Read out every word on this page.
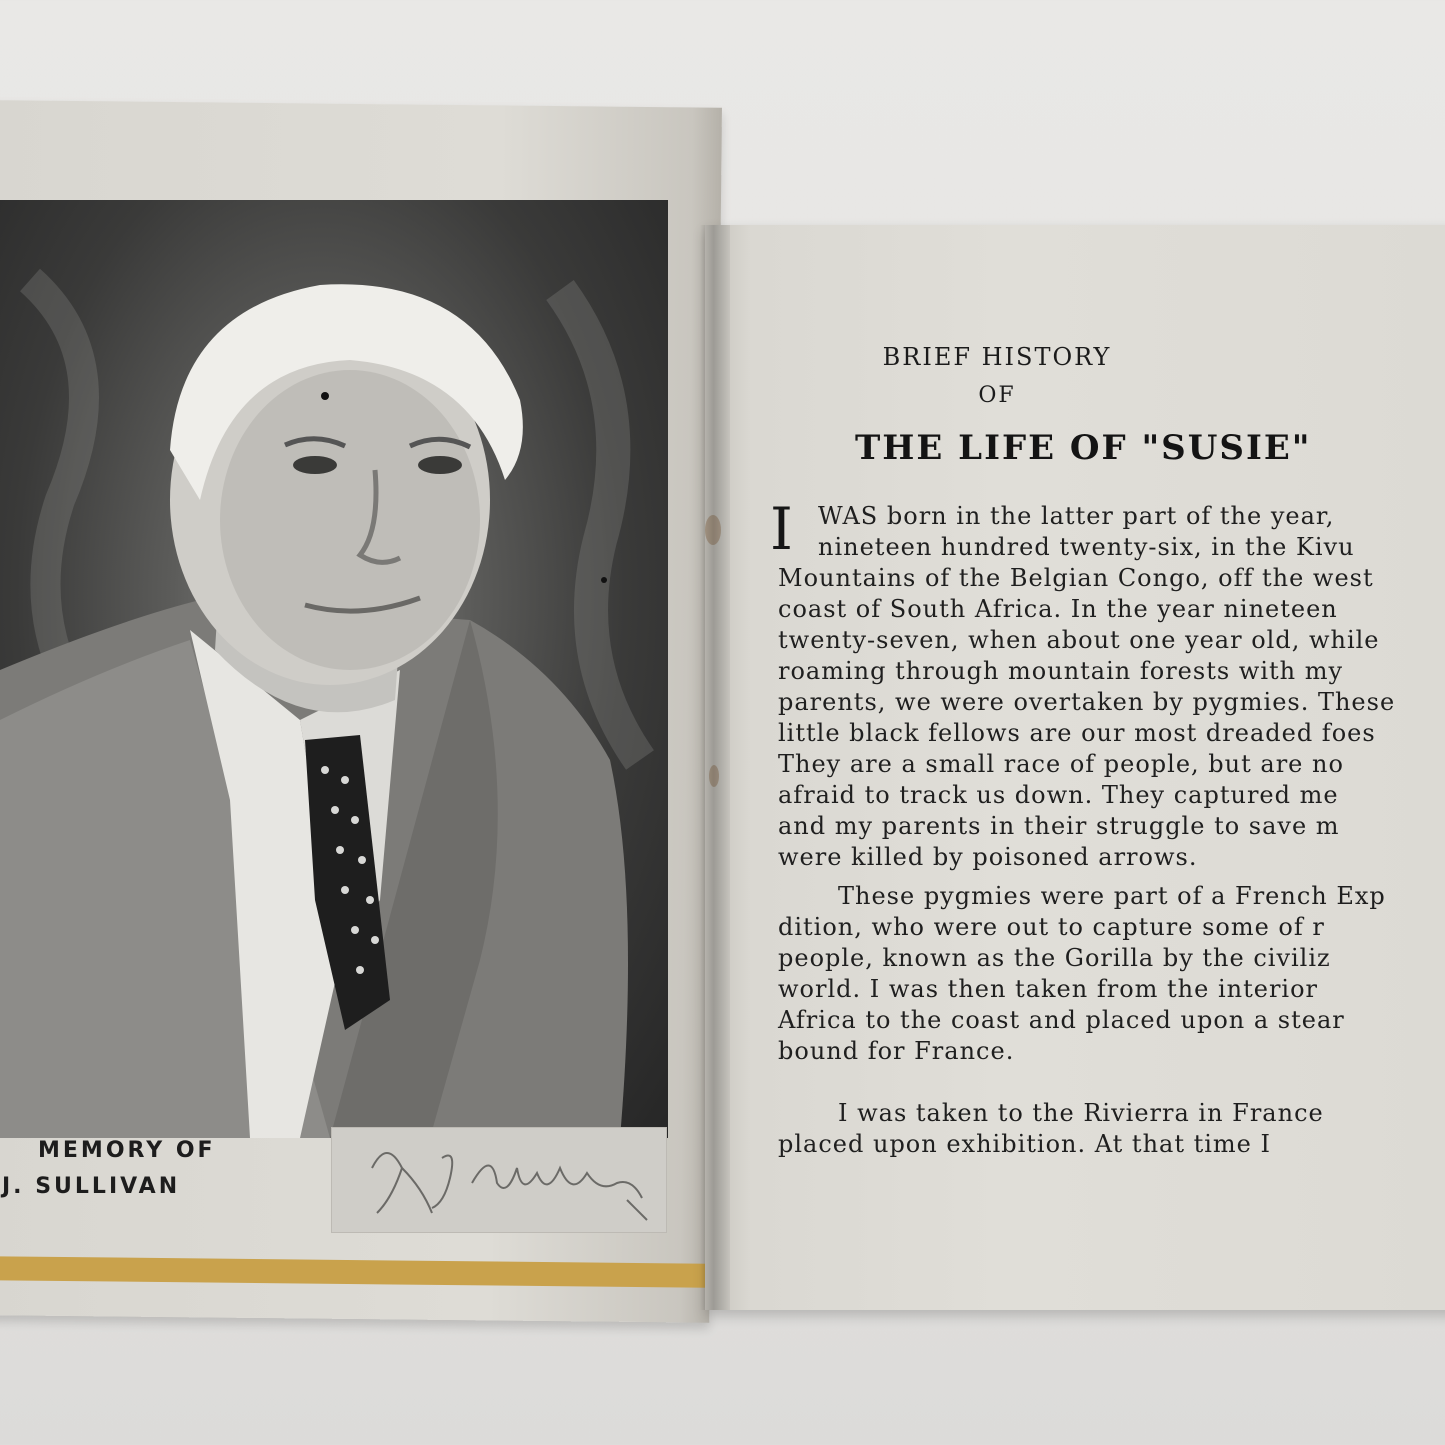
MEMORY OF
J. SULLIVAN
BRIEF HISTORY
OF
THE LIFE OF "SUSIE"
I	WAS born in the latter part of the year,
nineteen hundred twenty-six, in the Kivu
Mountains of the Belgian Congo, off the west
coast of South Africa. In the year nineteen
twenty-seven, when about one year old, while
roaming through mountain forests with my
parents, we were overtaken by pygmies. These
little black fellows are our most dreaded foes
They are a small race of people, but are no
afraid to track us down. They captured me
and my parents in their struggle to save m
were killed by poisoned arrows.
These pygmies were part of a French Exp
dition, who were out to capture some of r
people, known as the Gorilla by the civiliz
world. I was then taken from the interior
Africa to the coast and placed upon a stear
bound for France.
I was taken to the Rivierra in France
placed upon exhibition. At that time I
